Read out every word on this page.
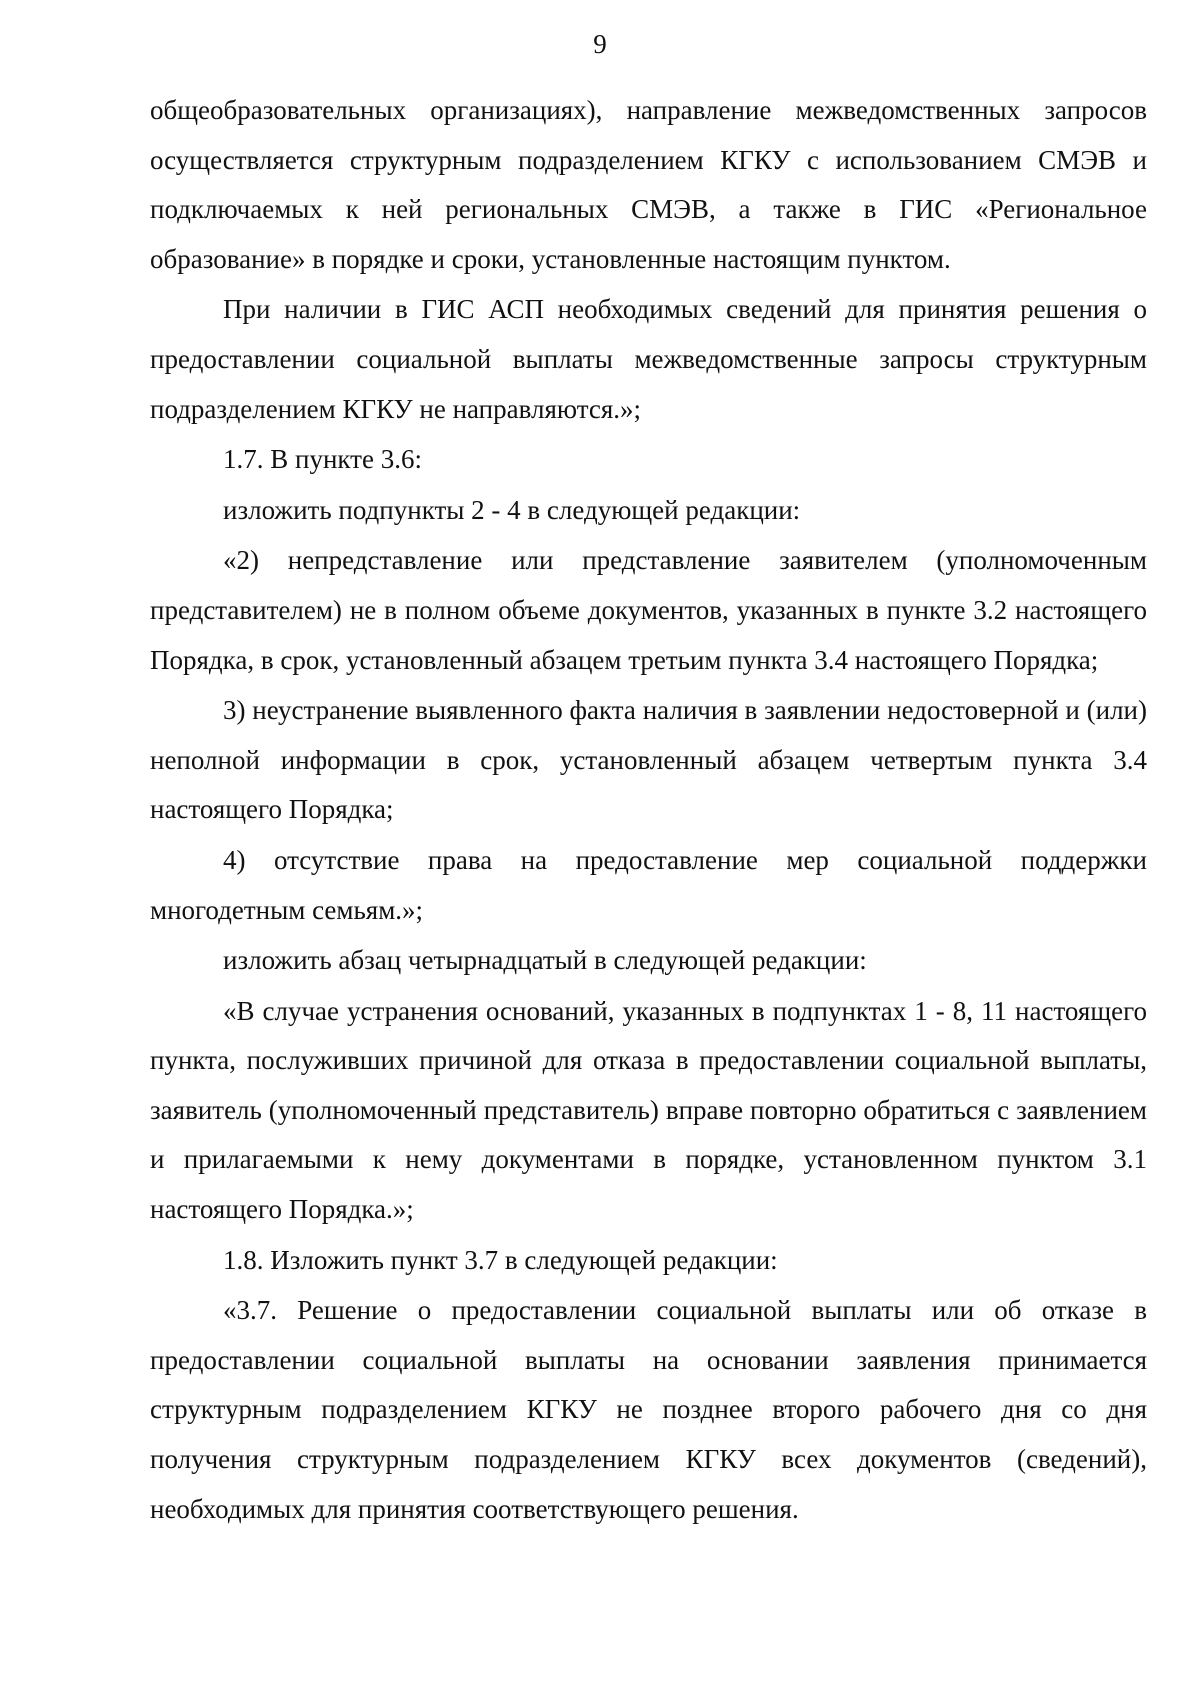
9

общеобразовательных организациях), направление межведомственных запросов осуществляется структурным подразделением КГКУ с использованием СМЭВ и подключаемых к ней региональных СМЭВ, а также в ГИС «Региональное образование» в порядке и сроки, установленные настоящим пунктом.

При наличии в ГИС АСП необходимых сведений для принятия решения о предоставлении социальной выплаты межведомственные запросы структурным подразделением КГКУ не направляются.»;

1.7. В пункте 3.6:

изложить подпункты 2 - 4 в следующей редакции:

«2) непредставление или представление заявителем (уполномоченным представителем) не в полном объеме документов, указанных в пункте 3.2 настоящего Порядка, в срок, установленный абзацем третьим пункта 3.4 настоящего Порядка;

3) неустранение выявленного факта наличия в заявлении недостоверной и (или) неполной информации в срок, установленный абзацем четвертым пункта 3.4 настоящего Порядка;

4) отсутствие права на предоставление мер социальной поддержки многодетным семьям.»;

изложить абзац четырнадцатый в следующей редакции:

«В случае устранения оснований, указанных в подпунктах 1 - 8, 11 настоящего пункта, послуживших причиной для отказа в предоставлении социальной выплаты, заявитель (уполномоченный представитель) вправе повторно обратиться с заявлением и прилагаемыми к нему документами в порядке, установленном пунктом 3.1 настоящего Порядка.»;

1.8. Изложить пункт 3.7 в следующей редакции:

«3.7. Решение о предоставлении социальной выплаты или об отказе в предоставлении социальной выплаты на основании заявления принимается структурным подразделением КГКУ не позднее второго рабочего дня со дня получения структурным подразделением КГКУ всех документов (сведений), необходимых для принятия соответствующего решения.
